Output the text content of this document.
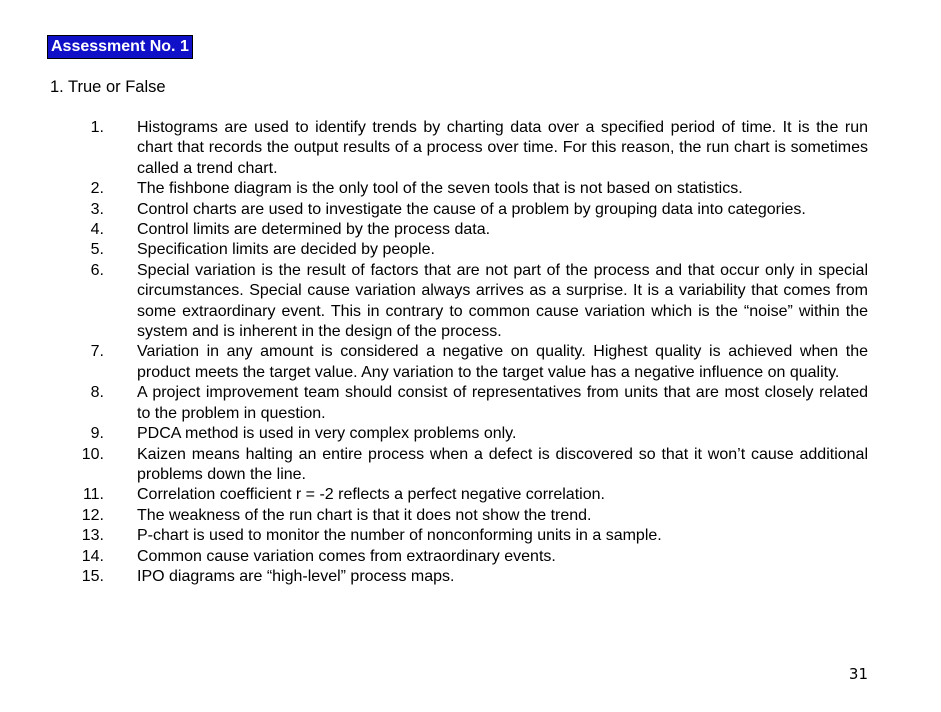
Assessment No. 1
1. True or False
1. Histograms are used to identify trends by charting data over a specified period of time. It is the run chart that records the output results of a process over time. For this reason, the run chart is sometimes called a trend chart.
2. The fishbone diagram is the only tool of the seven tools that is not based on statistics.
3. Control charts are used to investigate the cause of a problem by grouping data into categories.
4. Control limits are determined by the process data.
5. Specification limits are decided by people.
6. Special variation is the result of factors that are not part of the process and that occur only in special circumstances. Special cause variation always arrives as a surprise. It is a variability that comes from some extraordinary event. This in contrary to common cause variation which is the “noise” within the system and is inherent in the design of the process.
7. Variation in any amount is considered a negative on quality. Highest quality is achieved when the product meets the target value. Any variation to the target value has a negative influence on quality.
8. A project improvement team should consist of representatives from units that are most closely related to the problem in question.
9. PDCA method is used in very complex problems only.
10. Kaizen means halting an entire process when a defect is discovered so that it won’t cause additional problems down the line.
11. Correlation coefficient r = -2 reflects a perfect negative correlation.
12. The weakness of the run chart is that it does not show the trend.
13. P-chart is used to monitor the number of nonconforming units in a sample.
14. Common cause variation comes from extraordinary events.
15. IPO diagrams are “high-level” process maps.
31
